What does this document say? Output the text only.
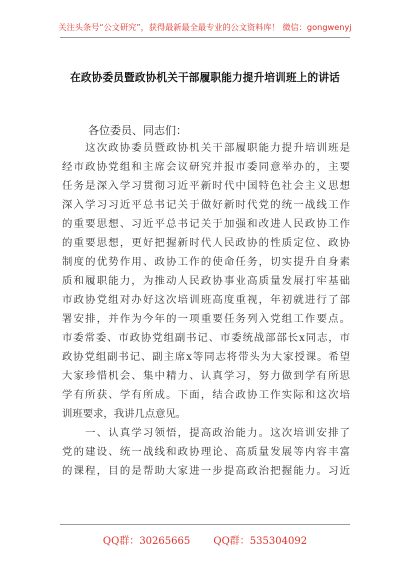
关注头条号“公文研究”，获得最新最全最专业的公文资料库！ 微信：gongwenyj
在政协委员暨政协机关干部履职能力提升培训班上的讲话
各位委员、同志们：
　　这次政协委员暨政协机关干部履职能力提升培训班是
经市政协党组和主席会议研究并报市委同意举办的，主要
任务是深入学习贯彻习近平新时代中国特色社会主义思想
深入学习习近平总书记关于做好新时代党的统一战线工作
的重要思想、习近平总书记关于加强和改进人民政协工作
的重要思想，更好把握新时代人民政协的性质定位、政协
制度的优势作用、政协工作的使命任务，切实提升自身素
质和履职能力，为推动人民政协事业高质量发展打牢基础
市政协党组对办好这次培训班高度重视，年初就进行了部
署安排，并作为今年的一项重要任务列入党组工作要点。
市委常委、市政协党组副书记、市委统战部部长x同志，市
政协党组副书记、副主席x等同志将带头为大家授课。希望
大家珍惜机会、集中精力、认真学习，努力做到学有所思
学有所获、学有所成。下面，结合政协工作实际和这次培
训班要求，我讲几点意见。
　　一、认真学习领悟，提高政治能力。这次培训安排了
党的建设、统一战线和政协理论、高质量发展等内容丰富
的课程，目的是帮助大家进一步提高政治把握能力。习近
QQ群：30265665 QQ群：535304092
